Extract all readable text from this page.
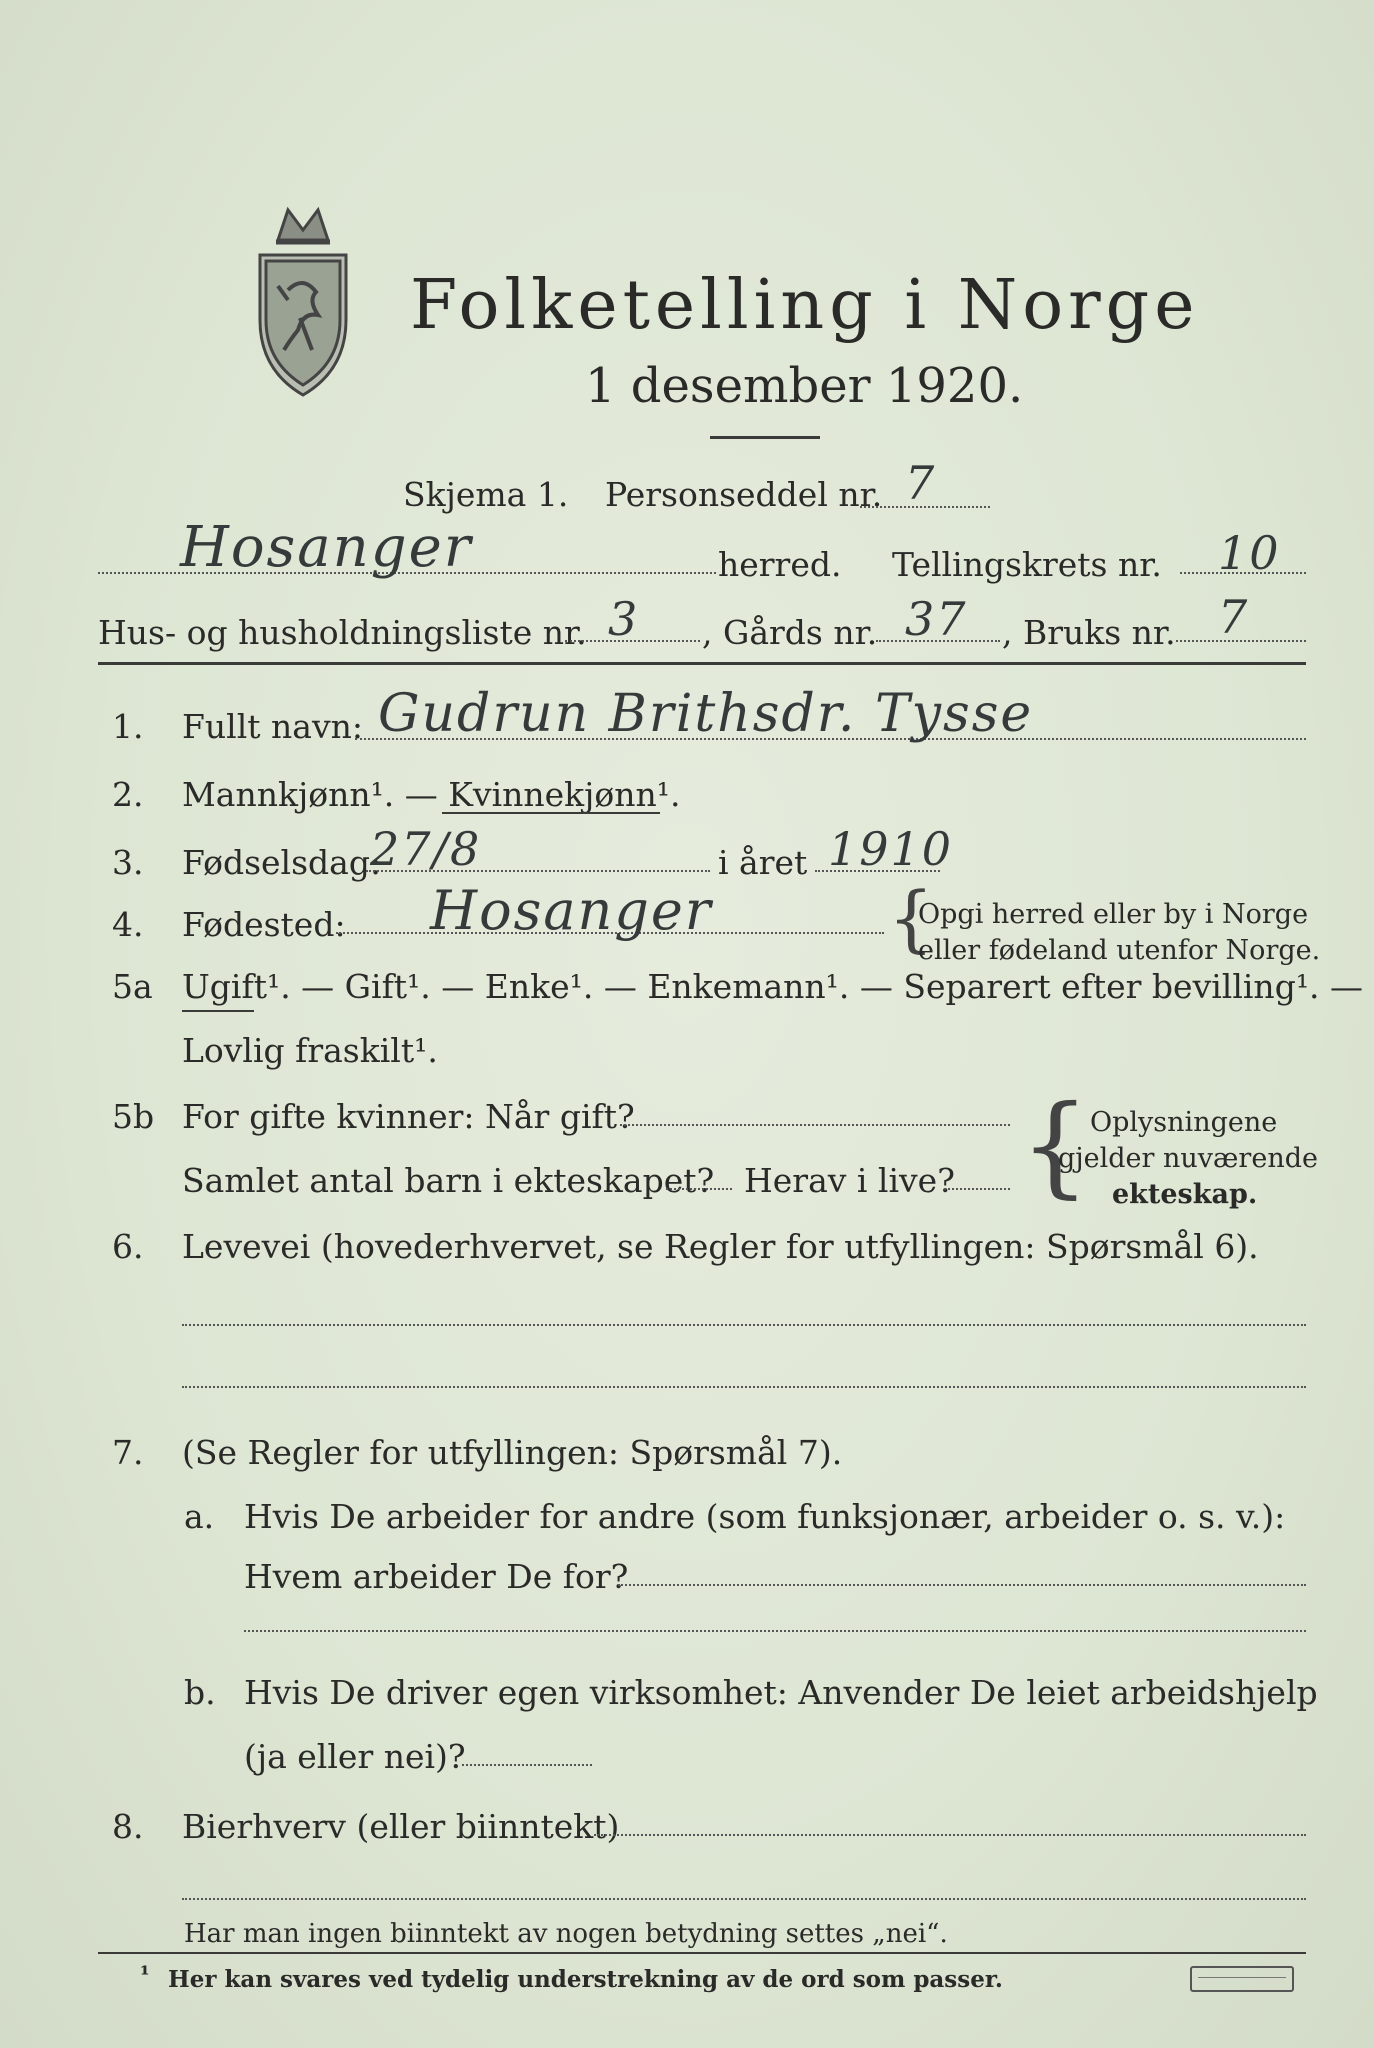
Folketelling i Norge
1 desember 1920.
Skjema 1. Personseddel nr. 7
Hosanger	herred. Tellingskrets nr. 10
Hus- og husholdningsliste nr. 3 , Gårds nr. 37 , Bruks nr. 7
1. Fullt navn: Gudrun Brithsdr. Tysse
2. Mannkjønn¹. — Kvinnekjønn¹.
3. Fødselsdag:
27/8	i året 1910
4. Fødested: Hosanger {
Opgi herred eller by i Norge
eller fødeland utenfor Norge.
5a Ugift¹. — Gift¹. — Enke¹. — Enkemann¹. — Separert efter bevilling¹. —
Lovlig fraskilt¹.
5b For gifte kvinner: Når gift?
Samlet antal barn i ekteskapet? Herav i live? { Oplysningene
gjelder nuværende
ekteskap.
6. Levevei (hovederhvervet, se Regler for utfyllingen: Spørsmål 6).
7. (Se Regler for utfyllingen: Spørsmål 7).
a. Hvis De arbeider for andre (som funksjonær, arbeider o. s. v.):
Hvem arbeider De for?
b. Hvis De driver egen virksomhet: Anvender De leiet arbeidshjelp
(ja eller nei)?
8. Bierhverv (eller biinntekt)
Har man ingen biinntekt av nogen betydning settes „nei“.
¹ Her kan svares ved tydelig understrekning av de ord som passer.
